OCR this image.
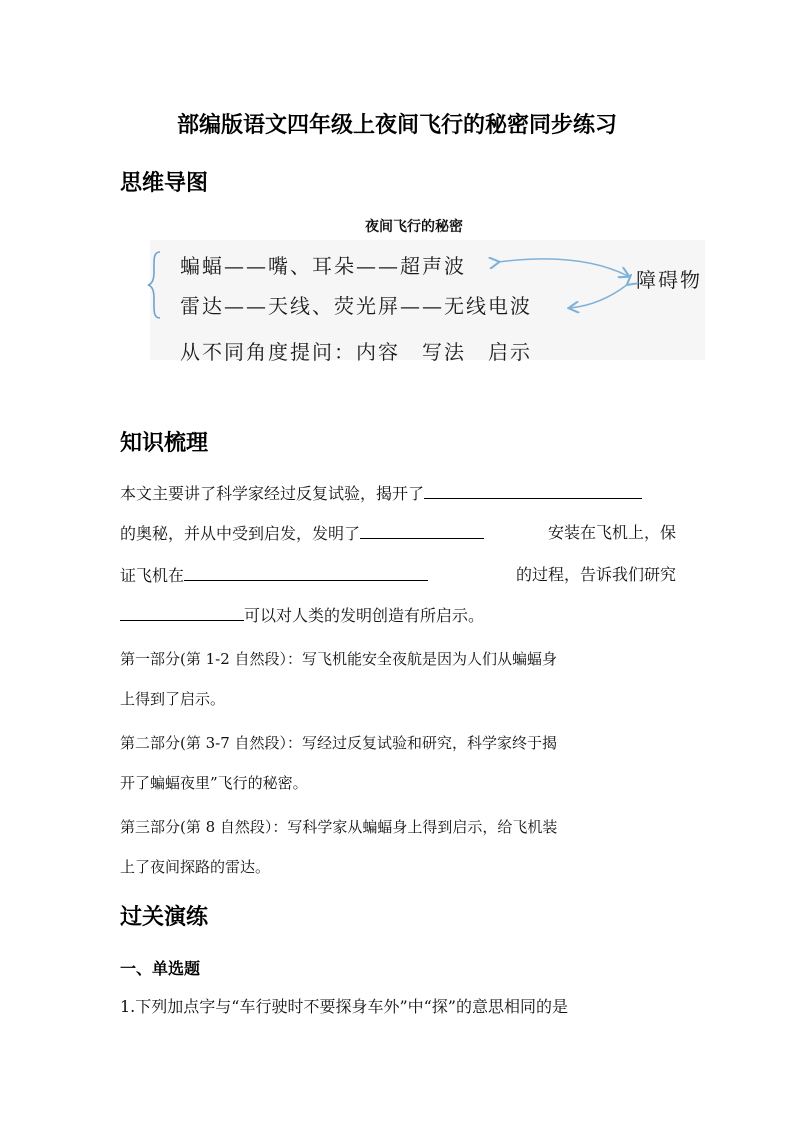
部编版语文四年级上夜间飞行的秘密同步练习
思维导图
夜间飞行的秘密
蝙蝠——嘴、耳朵——超声波
雷达——天线、荧光屏——无线电波
障碍物
从不同角度提问：内容　写法　启示
知识梳理
本文主要讲了科学家经过反复试验，揭开了
的奥秘，并从中受到启发，发明了	安装在飞机上，保
证飞机在	的过程，告诉我们研究
可以对人类的发明创造有所启示。
第一部分(第 1-2 自然段）：写飞机能安全夜航是因为人们从蝙蝠身
上得到了启示。
第二部分(第 3-7 自然段）：写经过反复试验和研究，科学家终于揭
开了蝙蝠夜里”飞行的秘密。
第三部分(第 8 自然段）：写科学家从蝙蝠身上得到启示，给飞机装
上了夜间探路的雷达。
过关演练
一、单选题
1.下列加点字与“车行驶时不要探身车外”中“探”的意思相同的是
